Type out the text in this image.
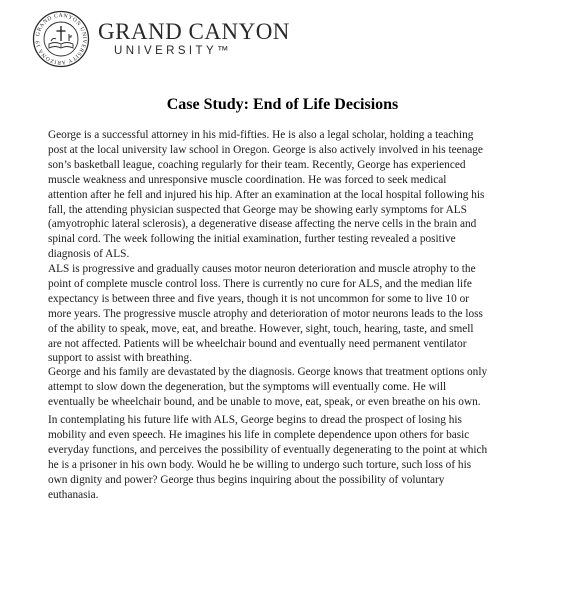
GRAND CANYON UNIVERSITY ARIZONA 19	GRAND CANYON
UNIVERSITY™
Case Study: End of Life Decisions

George is a successful attorney in his mid-fifties. He is also a legal scholar, holding a teaching
post at the local university law school in Oregon. George is also actively involved in his teenage
son’s basketball league, coaching regularly for their team. Recently, George has experienced
muscle weakness and unresponsive muscle coordination. He was forced to seek medical
attention after he fell and injured his hip. After an examination at the local hospital following his
fall, the attending physician suspected that George may be showing early symptoms for ALS
(amyotrophic lateral sclerosis), a degenerative disease affecting the nerve cells in the brain and
spinal cord. The week following the initial examination, further testing revealed a positive
diagnosis of ALS.

ALS is progressive and gradually causes motor neuron deterioration and muscle atrophy to the
point of complete muscle control loss. There is currently no cure for ALS, and the median life
expectancy is between three and five years, though it is not uncommon for some to live 10 or
more years. The progressive muscle atrophy and deterioration of motor neurons leads to the loss
of the ability to speak, move, eat, and breathe. However, sight, touch, hearing, taste, and smell
are not affected. Patients will be wheelchair bound and eventually need permanent ventilator
support to assist with breathing.

George and his family are devastated by the diagnosis. George knows that treatment options only
attempt to slow down the degeneration, but the symptoms will eventually come. He will
eventually be wheelchair bound, and be unable to move, eat, speak, or even breathe on his own.

In contemplating his future life with ALS, George begins to dread the prospect of losing his
mobility and even speech. He imagines his life in complete dependence upon others for basic
everyday functions, and perceives the possibility of eventually degenerating to the point at which
he is a prisoner in his own body. Would he be willing to undergo such torture, such loss of his
own dignity and power? George thus begins inquiring about the possibility of voluntary
euthanasia.
